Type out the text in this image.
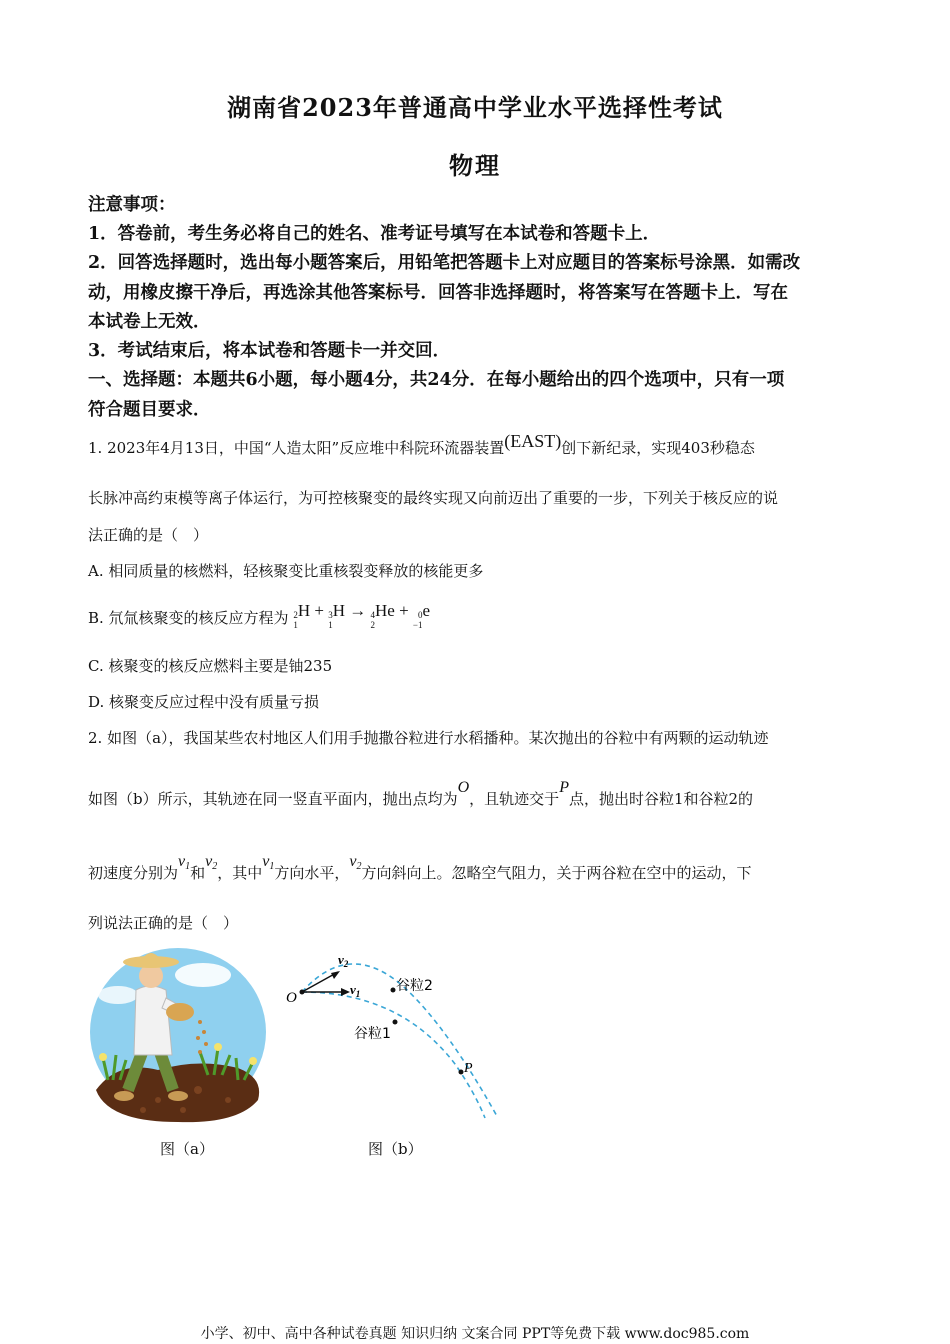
湖南省2023年普通高中学业水平选择性考试
物理
注意事项：
1．答卷前，考生务必将自己的姓名、准考证号填写在本试卷和答题卡上．
2．回答选择题时，选出每小题答案后，用铅笔把答题卡上对应题目的答案标号涂黑．如需改
动，用橡皮擦干净后，再选涂其他答案标号．回答非选择题时，将答案写在答题卡上．写在
本试卷上无效．
3．考试结束后，将本试卷和答题卡一并交回．
一、选择题：本题共6小题，每小题4分，共24分．在每小题给出的四个选项中，只有一项
符合题目要求．
1. 2023年4月13日，中国“人造太阳”反应堆中科院环流器装置(EAST)创下新纪录，实现403秒稳态
长脉冲高约束模等离子体运行，为可控核聚变的最终实现又向前迈出了重要的一步，下列关于核反应的说
法正确的是（　）
A. 相同质量的核燃料，轻核聚变比重核裂变释放的核能更多
B. 氘氚核聚变的核反应方程为 2
1
H + 3
1
H → 4
2
He +	0
−1
e
C. 核聚变的核反应燃料主要是铀235
D. 核聚变反应过程中没有质量亏损
2. 如图（a），我国某些农村地区人们用手抛撒谷粒进行水稻播种。某次抛出的谷粒中有两颗的运动轨迹
如图（b）所示，其轨迹在同一竖直平面内，抛出点均为O，且轨迹交于P点，抛出时谷粒1和谷粒2的
初速度分别为$v_1$和$v_2$，其中$v_1$方向水平，$v_2$方向斜向上。忽略空气阻力，关于两谷粒在空中的运动，下
列说法正确的是（　）
图（a）
O
P
$v_2$
$v_1$	谷粒2
谷粒1
图（b）
小学、初中、高中各种试卷真题 知识归纳 文案合同 PPT等免费下载 www.doc985.com
